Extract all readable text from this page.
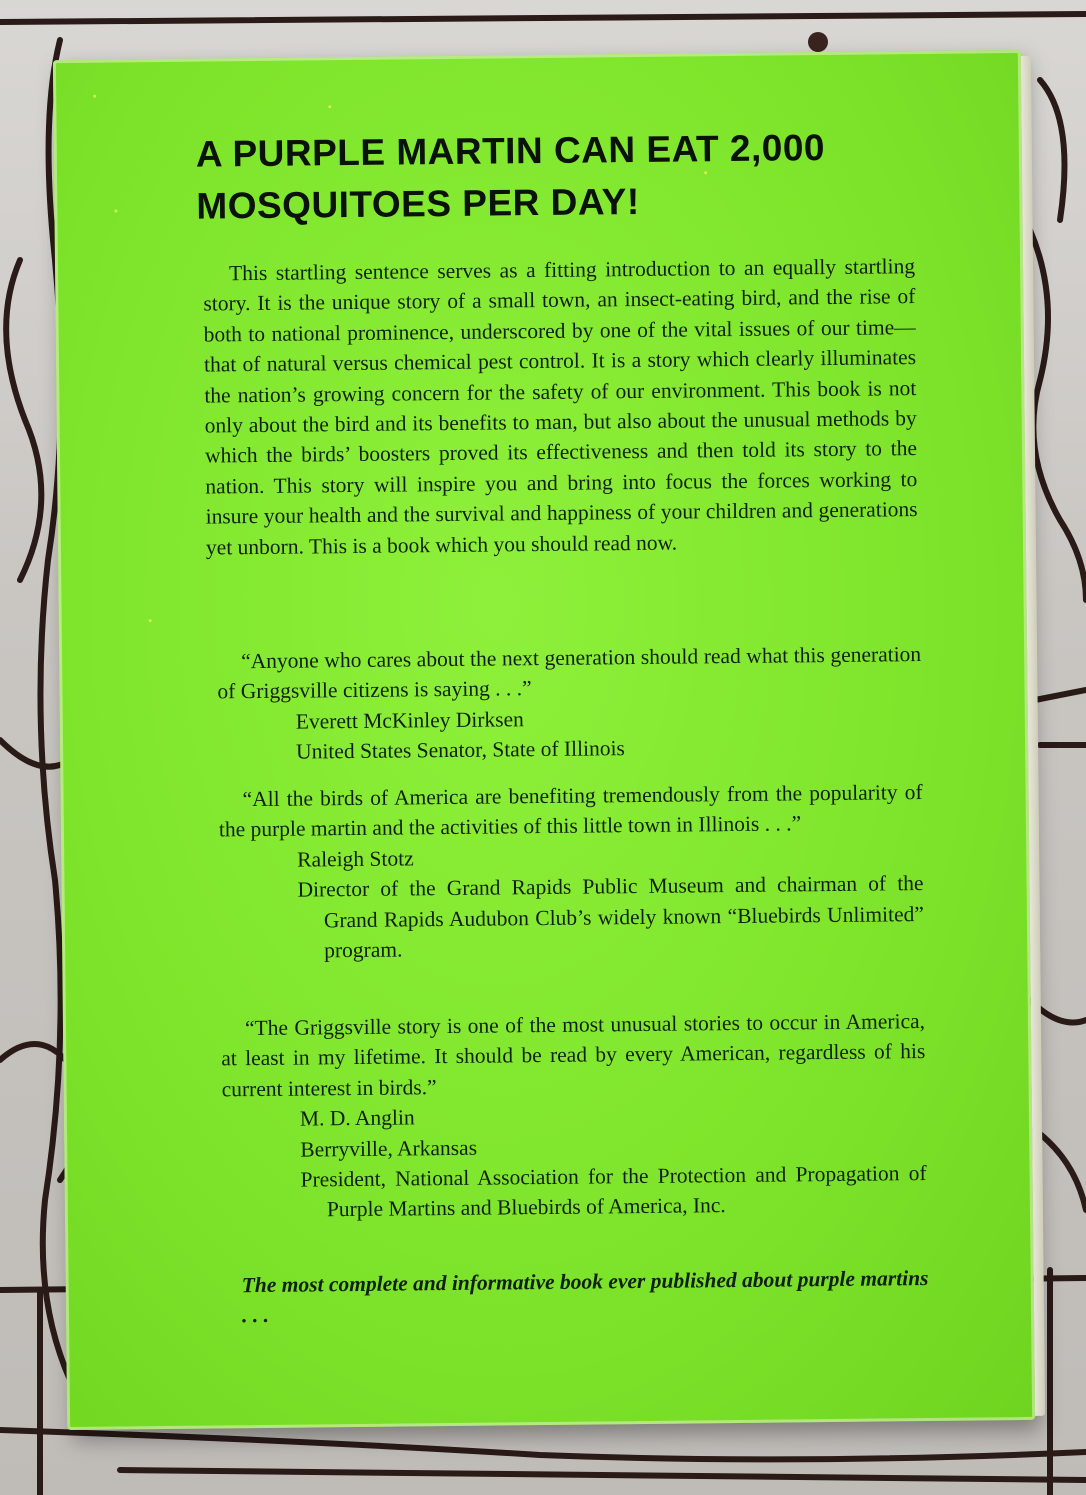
A PURPLE MARTIN CAN EAT 2,000
MOSQUITOES PER DAY!

This startling sentence serves as a fitting introduction to an equally startling story. It is the unique story of a small town, an insect-eating bird, and the rise of both to national prominence, underscored by one of the vital issues of our time—that of natural versus chemical pest control. It is a story which clearly illuminates the nation’s growing concern for the safety of our environment. This book is not only about the bird and its benefits to man, but also about the unusual methods by which the birds’ boosters proved its effectiveness and then told its story to the nation. This story will inspire you and bring into focus the forces working to insure your health and the survival and happiness of your children and generations yet unborn. This is a book which you should read now.

“Anyone who cares about the next generation should read what this generation of Griggsville citizens is saying . . .”

Everett McKinley Dirksen
United States Senator, State of Illinois

“All the birds of America are benefiting tremendously from the popularity of the purple martin and the activities of this little town in Illinois . . .”

Raleigh Stotz
Director of the Grand Rapids Public Museum and chairman of the Grand Rapids Audubon Club’s widely known “Bluebirds Unlimited” program.

“The Griggsville story is one of the most unusual stories to occur in America, at least in my lifetime. It should be read by every American, regardless of his current interest in birds.”

M. D. Anglin
Berryville, Arkansas
President, National Association for the Protection and Propagation of Purple Martins and Bluebirds of America, Inc.

The most complete and informative book ever published about purple martins . . .
